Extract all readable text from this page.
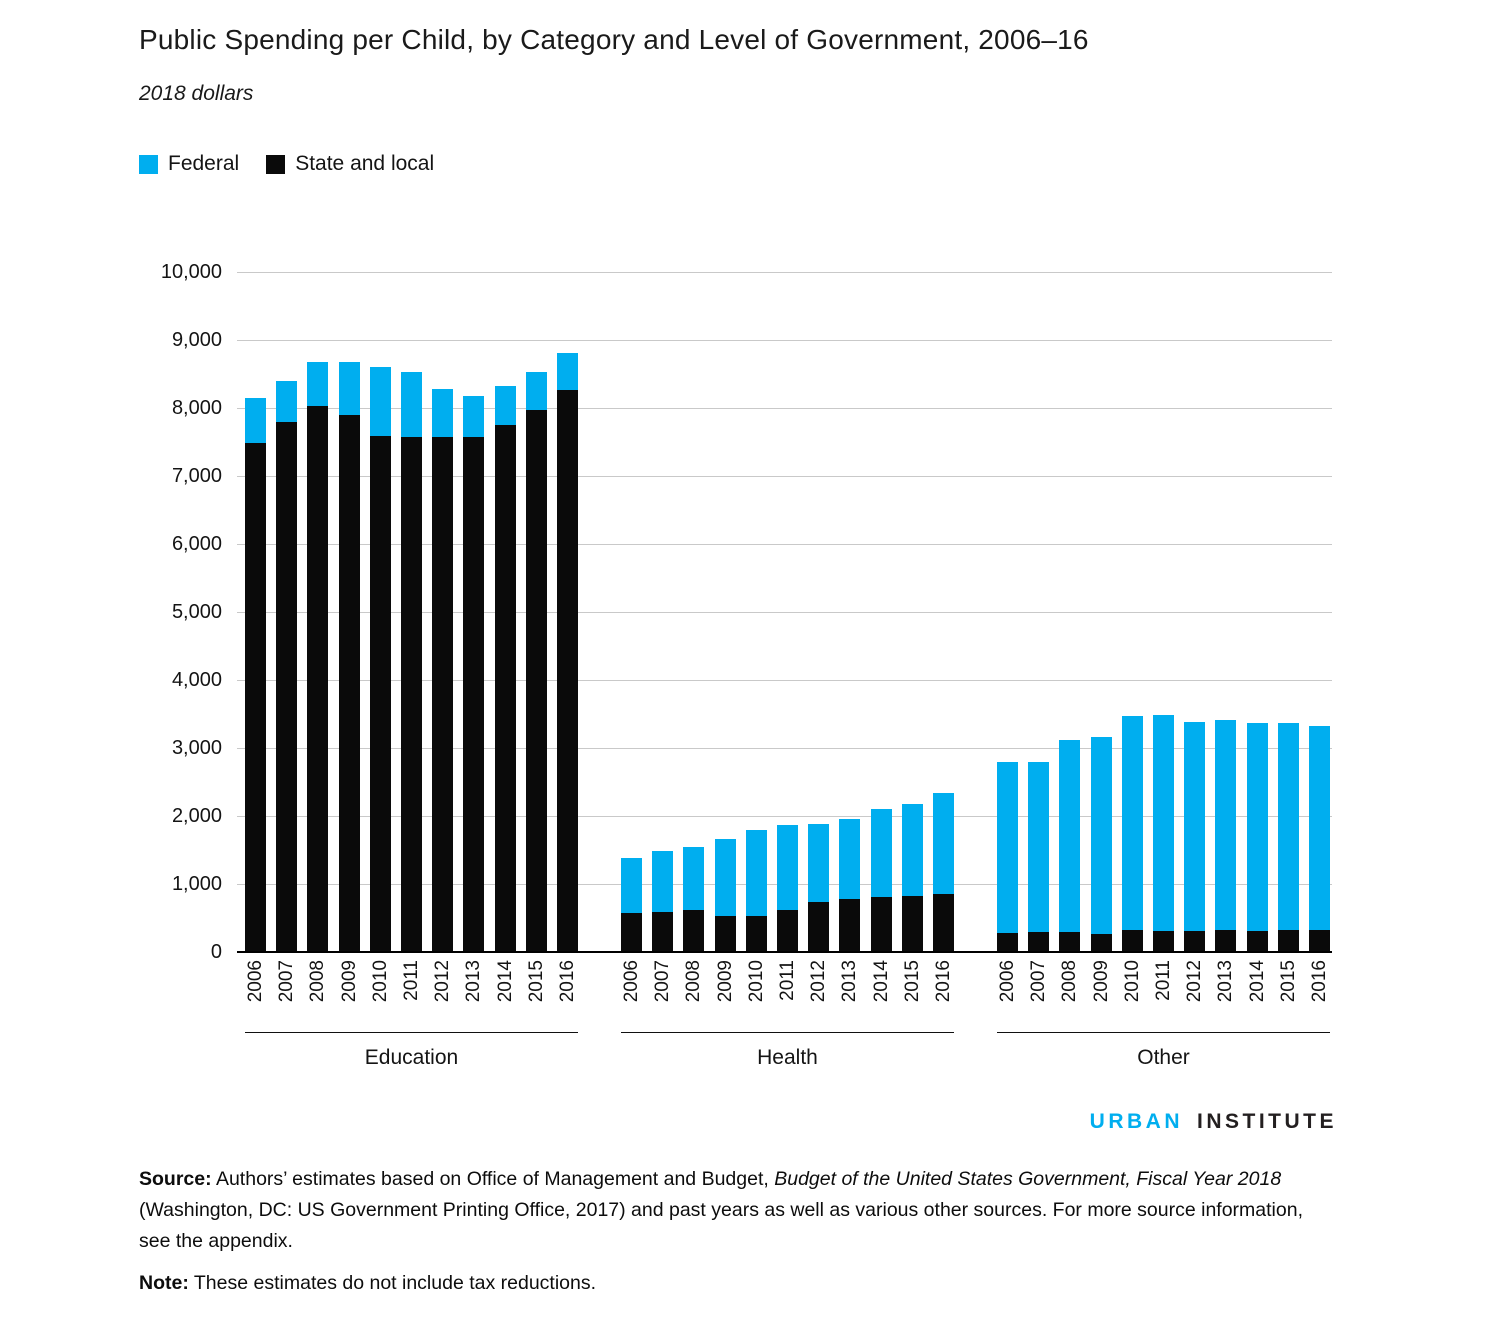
Public Spending per Child, by Category and Level of Government, 2006–16
2018 dollars
Federal	State and local
2006 2007 2008 2009 2010 2011 2012 2013 2014 2015 2016
Education
2006 2007 2008 2009 2010 2011 2012 2013 2014 2015 2016
Health
2006 2007 2008 2009 2010 2011 2012 2013 2014 2015 2016
Other
10,000
9,000
8,000
7,000
6,000
5,000
4,000
3,000
2,000
1,000
0
URBAN INSTITUTE
Source: Authors’ estimates based on Office of Management and Budget, Budget of the United States Government, Fiscal Year 2018 (Washington, DC: US Government Printing Office, 2017) and past years as well as various other sources. For more source information, see the appendix.
Note: These estimates do not include tax reductions.
